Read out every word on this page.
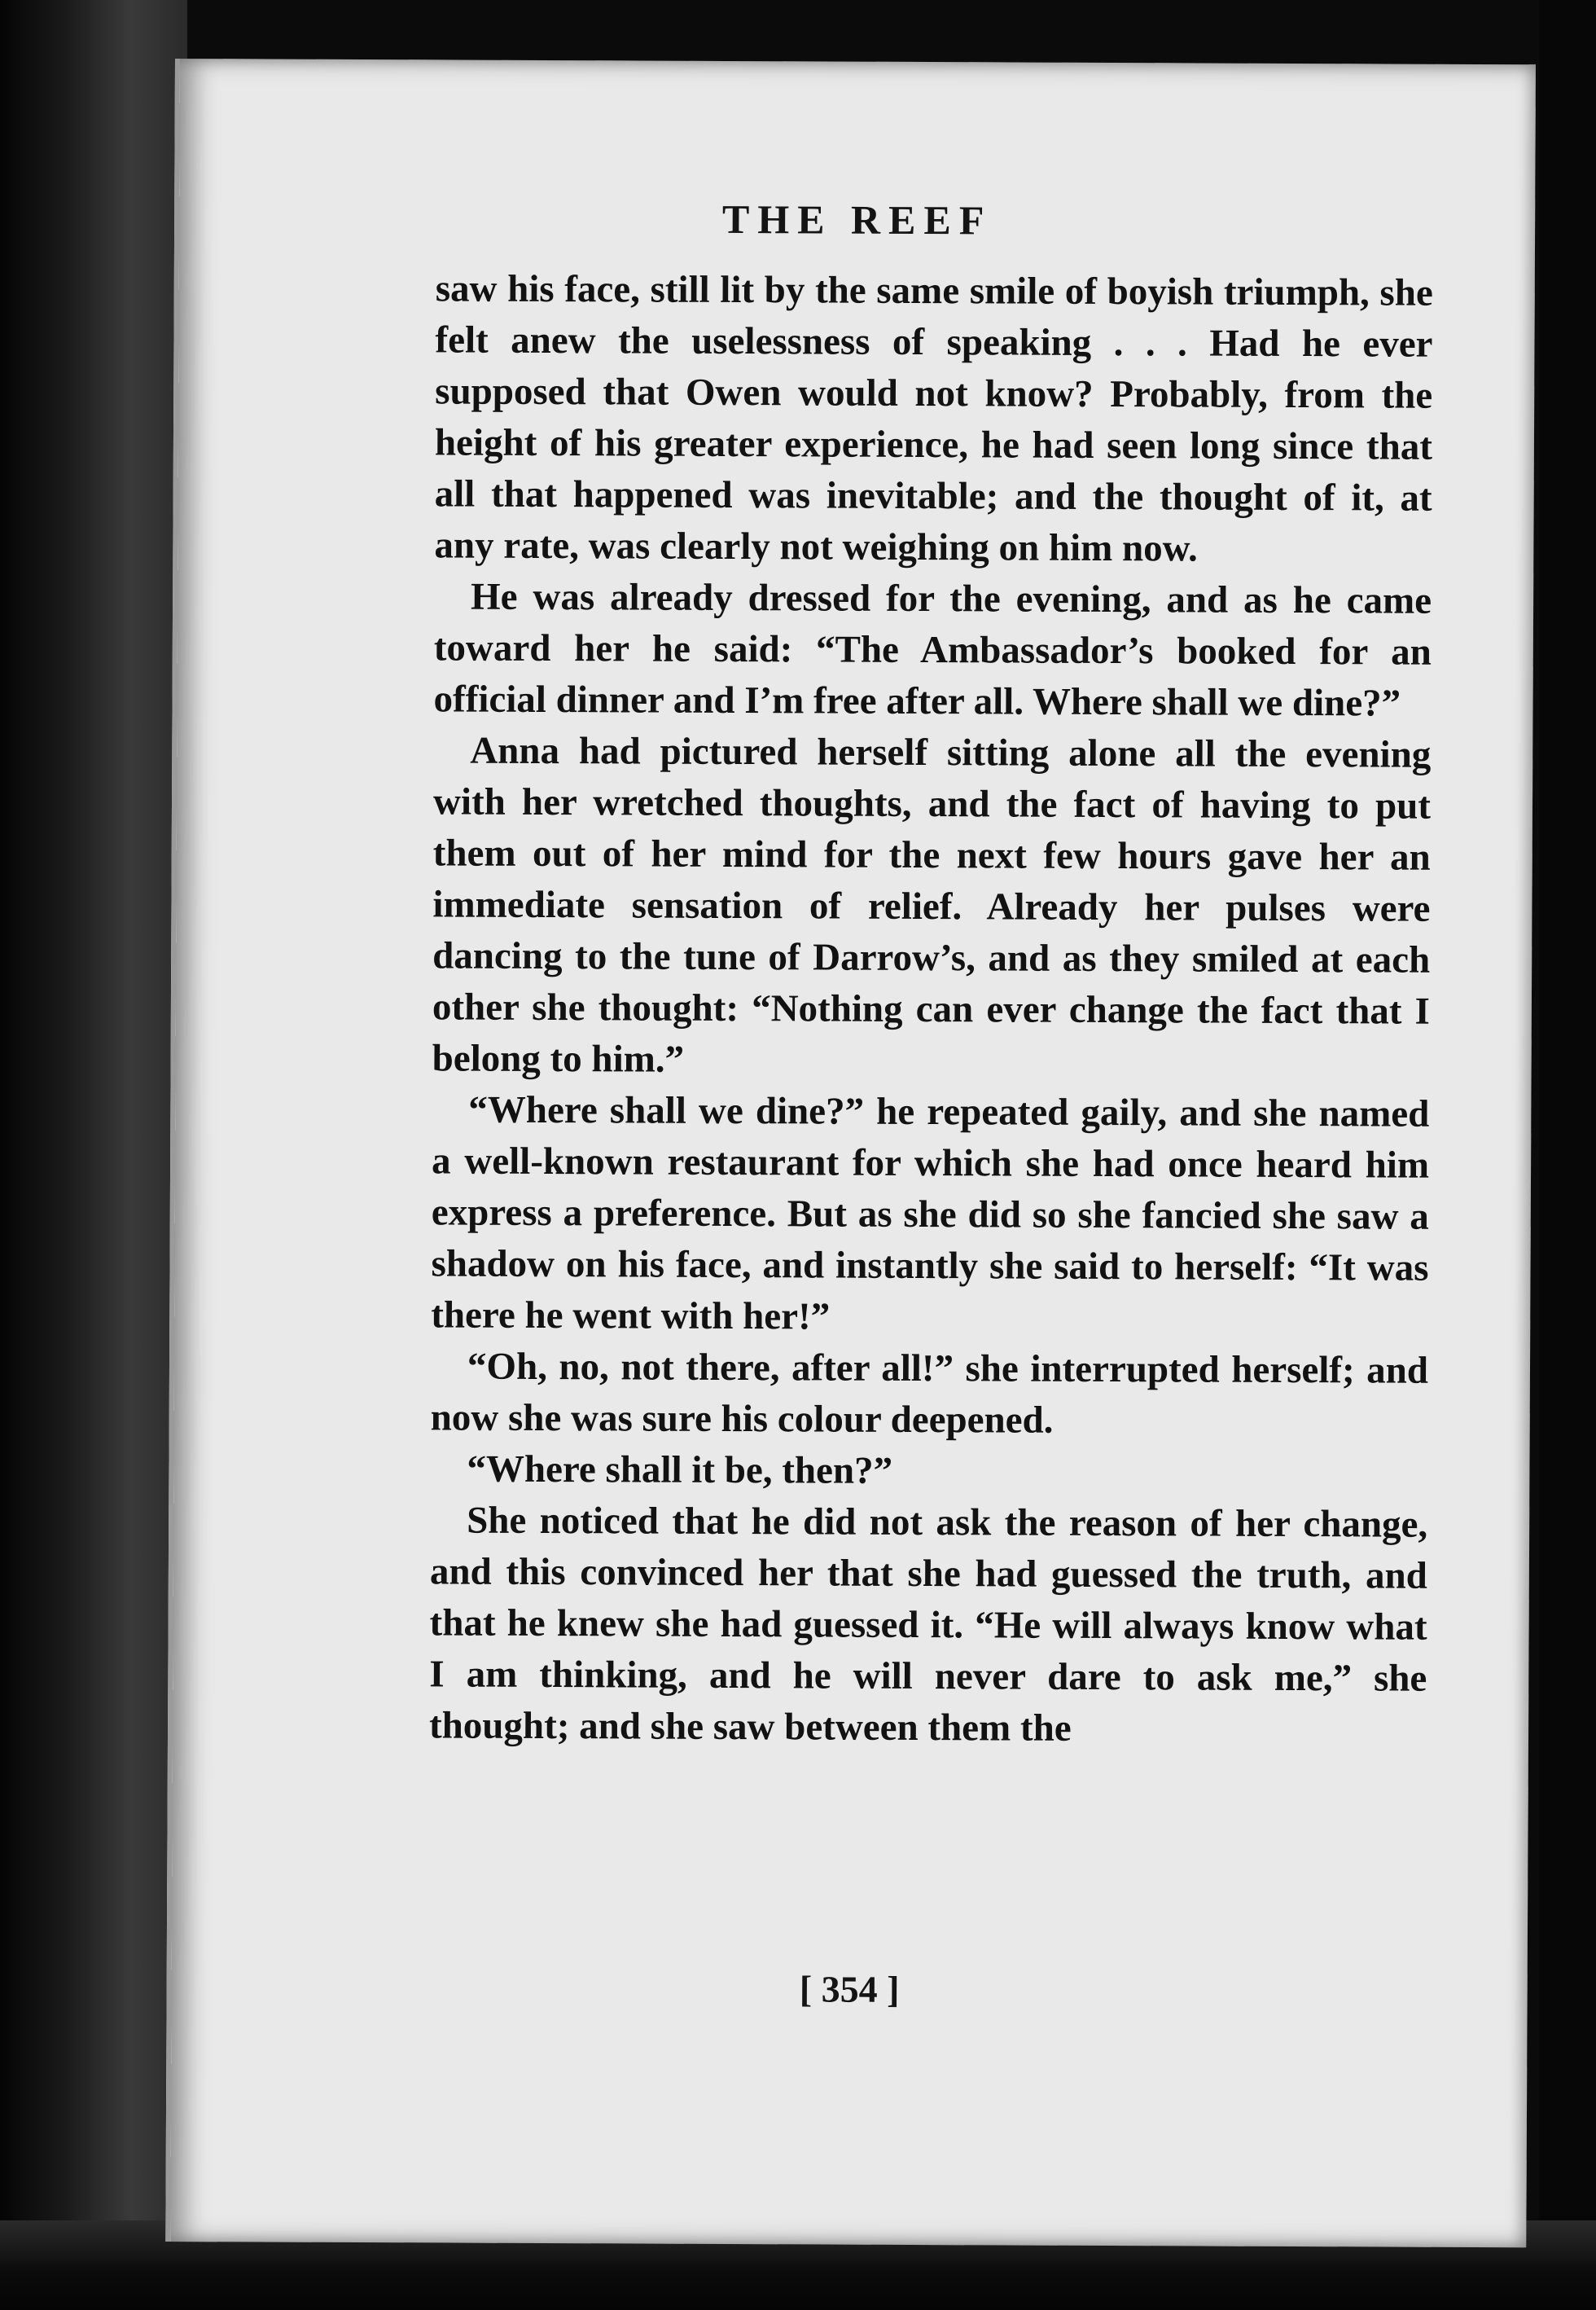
THE REEF

saw his face, still lit by the same smile of boyish triumph, she felt anew the uselessness of speaking . . . Had he ever supposed that Owen would not know? Probably, from the height of his greater experience, he had seen long since that all that happened was inevitable; and the thought of it, at any rate, was clearly not weighing on him now.

He was already dressed for the evening, and as he came toward her he said: “The Ambassador’s booked for an official dinner and I’m free after all. Where shall we dine?”

Anna had pictured herself sitting alone all the evening with her wretched thoughts, and the fact of having to put them out of her mind for the next few hours gave her an immediate sensation of relief. Already her pulses were dancing to the tune of Darrow’s, and as they smiled at each other she thought: “Nothing can ever change the fact that I belong to him.”

“Where shall we dine?” he repeated gaily, and she named a well-known restaurant for which she had once heard him express a preference. But as she did so she fancied she saw a shadow on his face, and instantly she said to herself: “It was there he went with her!”

“Oh, no, not there, after all!” she interrupted herself; and now she was sure his colour deepened.

“Where shall it be, then?”

She noticed that he did not ask the reason of her change, and this convinced her that she had guessed the truth, and that he knew she had guessed it. “He will always know what I am thinking, and he will never dare to ask me,” she thought; and she saw between them the

[ 354 ]
